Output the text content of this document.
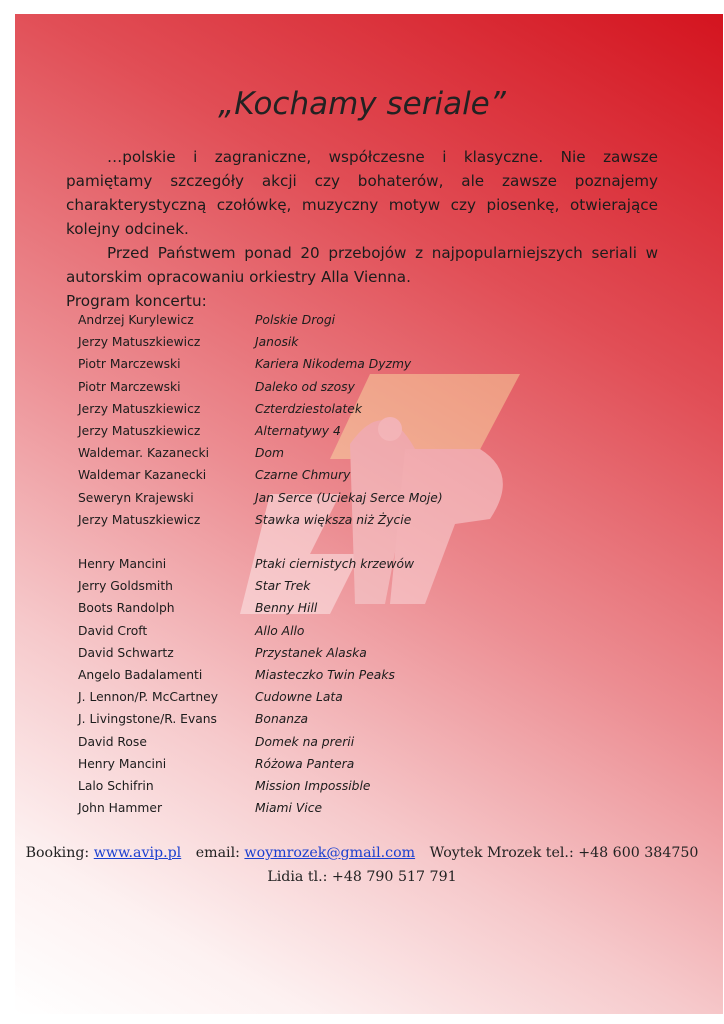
„Kochamy seriale”

…polskie i zagraniczne, współczesne i klasyczne. Nie zawsze pamiętamy szczegóły akcji czy bohaterów, ale zawsze poznajemy charakterystyczną czołówkę, muzyczny motyw czy piosenkę, otwierające kolejny odcinek.

Przed Państwem ponad 20 przebojów z najpopularniejszych seriali w autorskim opracowaniu orkiestry Alla Vienna.

Program koncertu:

Andrzej Kurylewicz	Polskie Drogi
Jerzy Matuszkiewicz	Janosik
Piotr Marczewski	Kariera Nikodema Dyzmy
Piotr Marczewski	Daleko od szosy
Jerzy Matuszkiewicz	Czterdziestolatek
Jerzy Matuszkiewicz	Alternatywy 4
Waldemar. Kazanecki	Dom
Waldemar Kazanecki	Czarne Chmury
Seweryn Krajewski	Jan Serce (Uciekaj Serce Moje)
Jerzy Matuszkiewicz	Stawka większa niż Życie
Henry Mancini	Ptaki ciernistych krzewów
Jerry Goldsmith	Star Trek
Boots Randolph	Benny Hill
David Croft	Allo Allo
David Schwartz	Przystanek Alaska
Angelo Badalamenti	Miasteczko Twin Peaks
J. Lennon/P. McCartney	Cudowne Lata
J. Livingstone/R. Evans	Bonanza
David Rose	Domek na prerii
Henry Mancini	Różowa Pantera
Lalo Schifrin	Mission Impossible
John Hammer	Miami Vice
Booking: www.avip.pl email: woymrozek@gmail.com Woytek Mrozek tel.: +48 600 384750
Lidia tl.: +48 790 517 791
